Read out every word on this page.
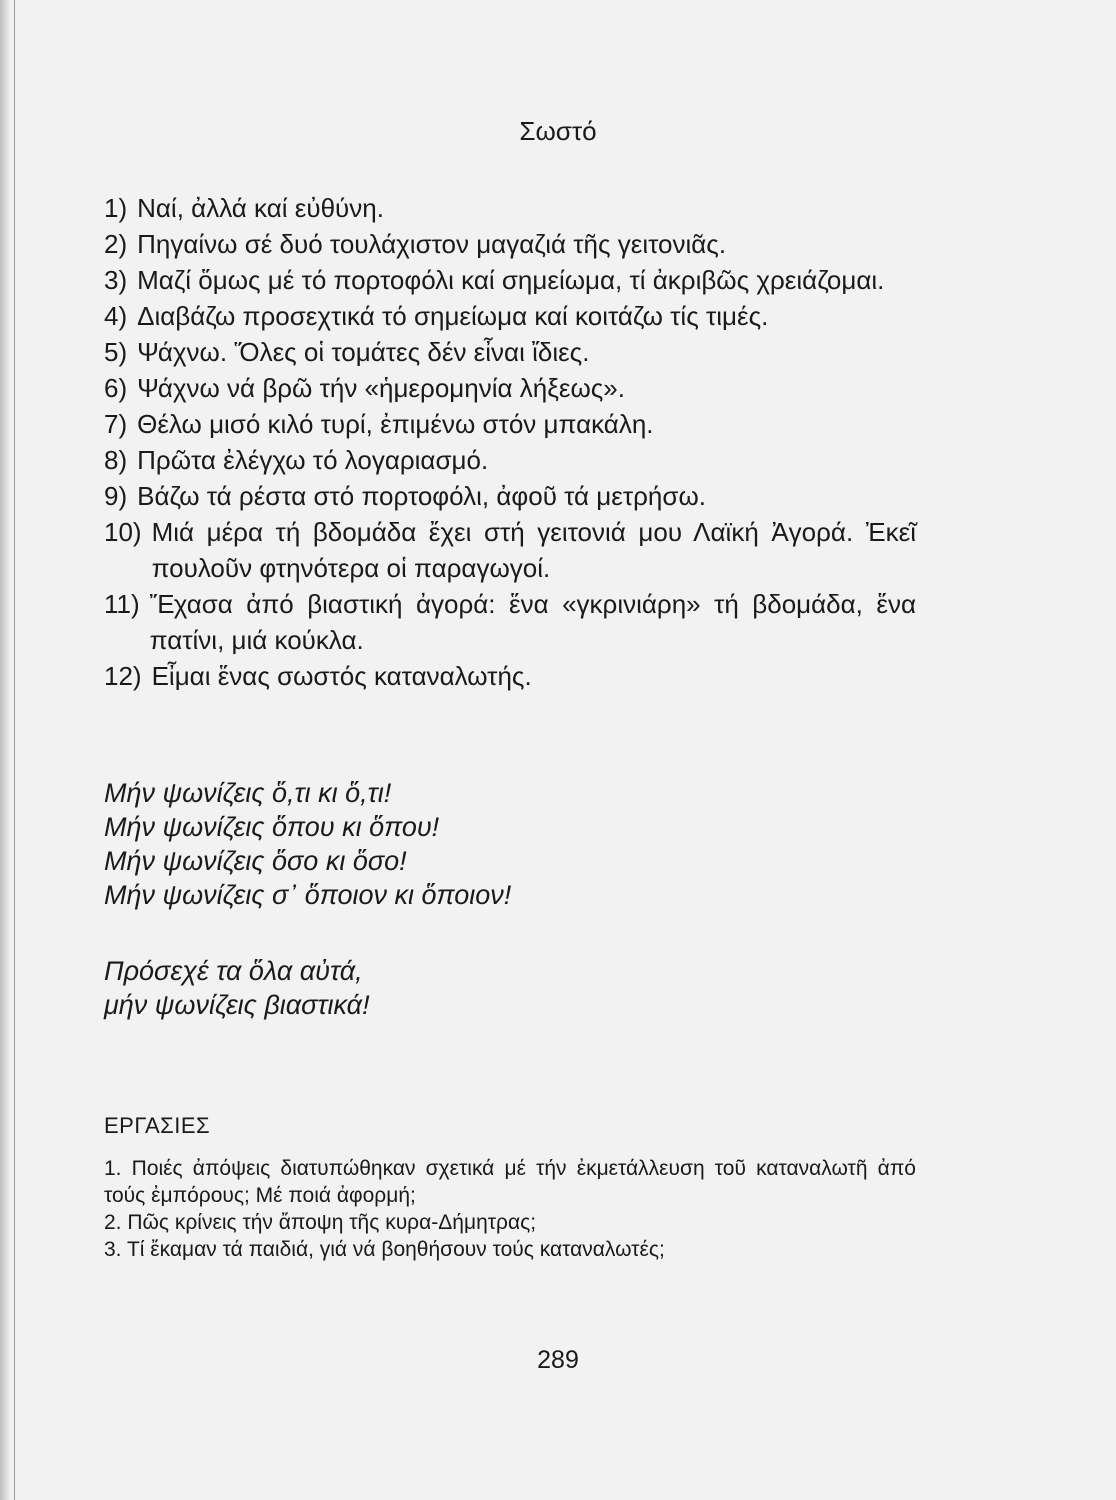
Σωστό
1) Ναί, ἀλλά καί εὐθύνη.
2) Πηγαίνω σέ δυό τουλάχιστον μαγαζιά τῆς γειτονιᾶς.
3) Μαζί ὅμως μέ τό πορτοφόλι καί σημείωμα, τί ἀκριβῶς χρειάζομαι.
4) Διαβάζω προσεχτικά τό σημείωμα καί κοιτάζω τίς τιμές.
5) Ψάχνω. Ὅλες οἱ τομάτες δέν εἶναι ἴδιες.
6) Ψάχνω νά βρῶ τήν «ἡμερομηνία λήξεως».
7) Θέλω μισό κιλό τυρί, ἐπιμένω στόν μπακάλη.
8) Πρῶτα ἐλέγχω τό λογαριασμό.
9) Βάζω τά ρέστα στό πορτοφόλι, ἀφοῦ τά μετρήσω.
10) Μιά μέρα τή βδομάδα ἔχει στή γειτονιά μου Λαϊκή Ἀγορά. Ἐκεῖ πουλοῦν φτηνότερα οἱ παραγωγοί.
11) Ἔχασα ἀπό βιαστική ἀγορά: ἕνα «γκρινιάρη» τή βδομάδα, ἕνα πατίνι, μιά κούκλα.
12) Εἶμαι ἕνας σωστός καταναλωτής.
Μήν ψωνίζεις ὅ,τι κι ὅ,τι!
Μήν ψωνίζεις ὅπου κι ὅπου!
Μήν ψωνίζεις ὅσο κι ὅσο!
Μήν ψωνίζεις σ᾽ ὅποιον κι ὅποιον!
Πρόσεχέ τα ὅλα αὐτά,
μήν ψωνίζεις βιαστικά!
ΕΡΓΑΣΙΕΣ
1. Ποιές ἀπόψεις διατυπώθηκαν σχετικά μέ τήν ἐκμετάλλευση τοῦ καταναλωτῆ ἀπό τούς ἐμπόρους; Μέ ποιά ἀφορμή;
2. Πῶς κρίνεις τήν ἄποψη τῆς κυρα-Δήμητρας;
3. Τί ἔκαμαν τά παιδιά, γιά νά βοηθήσουν τούς καταναλωτές;
289
